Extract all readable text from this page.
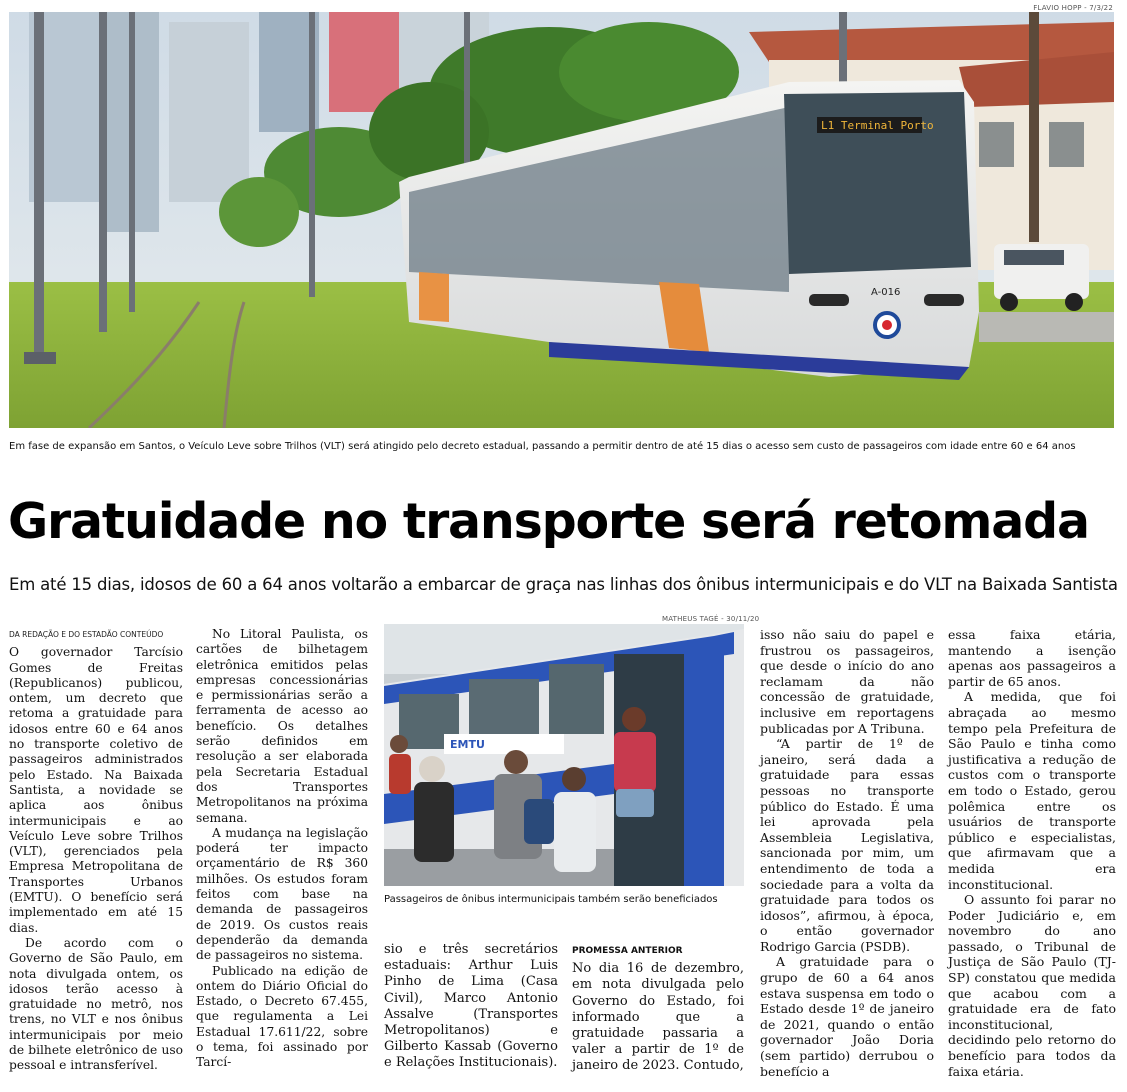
FLAVIO HOPP - 7/3/22
L1 Terminal Porto
A-016
Em fase de expansão em Santos, o Veículo Leve sobre Trilhos (VLT) será atingido pelo decreto estadual, passando a permitir dentro de até 15 dias o acesso sem custo de passageiros com idade entre 60 e 64 anos
Gratuidade no transporte será retomada
Em até 15 dias, idosos de 60 a 64 anos voltarão a embarcar de graça nas linhas dos ônibus intermunicipais e do VLT na Baixada Santista
DA REDAÇÃO E DO ESTADÃO CONTEÚDO

O governador Tarcísio Gomes de Freitas (Republicanos) publicou, ontem, um decreto que retoma a gratuidade para idosos entre 60 e 64 anos no transporte coletivo de passageiros administrados pelo Estado. Na Baixada Santista, a novidade se aplica aos ônibus intermunicipais e ao Veículo Leve sobre Trilhos (VLT), gerenciados pela Empresa Metropolitana de Transportes Urbanos (EMTU). O benefício será implementado em até 15 dias.

De acordo com o Governo de São Paulo, em nota divulgada ontem, os idosos terão acesso à gratuidade no metrô, nos trens, no VLT e nos ônibus intermunicipais por meio de bilhete eletrônico de uso pessoal e intransferível.

No Litoral Paulista, os cartões de bilhetagem eletrônica emitidos pelas empresas concessionárias e permissionárias serão a ferramenta de acesso ao benefício. Os detalhes serão definidos em resolução a ser elaborada pela Secretaria Estadual dos Transportes Metropolitanos na próxima semana.

A mudança na legislação poderá ter impacto orçamentário de R$ 360 milhões. Os estudos foram feitos com base na demanda de passageiros de 2019. Os custos reais dependerão da demanda de passageiros no sistema.

Publicado na edição de ontem do Diário Oficial do Estado, o Decreto 67.455, que regulamenta a Lei Estadual 17.611/22, sobre o tema, foi assinado por Tarcí-

MATHEUS TAGÉ - 30/11/20
EMTU
Passageiros de ônibus intermunicipais também serão beneficiados

sio e três secretários estaduais: Arthur Luis Pinho de Lima (Casa Civil), Marco Antonio Assalve (Transportes Metropolitanos) e Gilberto Kassab (Governo e Relações Institucionais).

PROMESSA ANTERIOR

No dia 16 de dezembro, em nota divulgada pelo Governo do Estado, foi informado que a gratuidade passaria a valer a partir de 1º de janeiro de 2023. Contudo,

isso não saiu do papel e frustrou os passageiros, que desde o início do ano reclamam da não concessão de gratuidade, inclusive em reportagens publicadas por A Tribuna.

“A partir de 1º de janeiro, será dada a gratuidade para essas pessoas no transporte público do Estado. É uma lei aprovada pela Assembleia Legislativa, sancionada por mim, um entendimento de toda a sociedade para a volta da gratuidade para todos os idosos”, afirmou, à época, o então governador Rodrigo Garcia (PSDB).

A gratuidade para o grupo de 60 a 64 anos estava suspensa em todo o Estado desde 1º de janeiro de 2021, quando o então governador João Doria (sem partido) derrubou o benefício a

essa faixa etária, mantendo a isenção apenas aos passageiros a partir de 65 anos.

A medida, que foi abraçada ao mesmo tempo pela Prefeitura de São Paulo e tinha como justificativa a redução de custos com o transporte em todo o Estado, gerou polêmica entre os usuários de transporte público e especialistas, que afirmavam que a medida era inconstitucional.

O assunto foi parar no Poder Judiciário e, em novembro do ano passado, o Tribunal de Justiça de São Paulo (TJ-SP) constatou que medida que acabou com a gratuidade era de fato inconstitucional, decidindo pelo retorno do benefício para todos da faixa etária.
